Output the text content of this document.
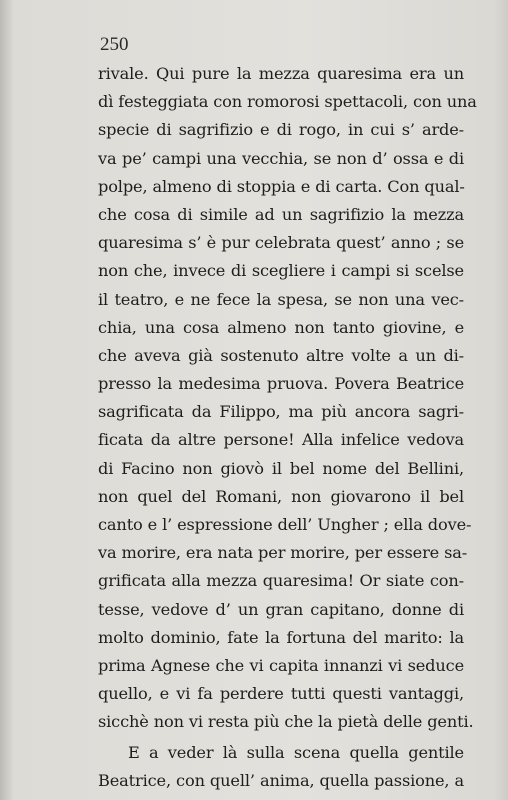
250
rivale. Qui pure la mezza quaresima era un
dì festeggiata con romorosi spettacoli, con una
specie di sagrifizio e di rogo, in cui s’ arde-
va pe’ campi una vecchia, se non d’ ossa e di
polpe, almeno di stoppia e di carta. Con qual-
che cosa di simile ad un sagrifizio la mezza
quaresima s’ è pur celebrata quest’ anno ; se
non che, invece di scegliere i campi si scelse
il teatro, e ne fece la spesa, se non una vec-
chia, una cosa almeno non tanto giovine, e
che aveva già sostenuto altre volte a un di-
presso la medesima pruova. Povera Beatrice
sagrificata da Filippo, ma più ancora sagri-
ficata da altre persone! Alla infelice vedova
di Facino non giovò il bel nome del Bellini,
non quel del Romani, non giovarono il bel
canto e l’ espressione dell’ Ungher ; ella dove-
va morire, era nata per morire, per essere sa-
grificata alla mezza quaresima! Or siate con-
tesse, vedove d’ un gran capitano, donne di
molto dominio, fate la fortuna del marito: la
prima Agnese che vi capita innanzi vi seduce
quello, e vi fa perdere tutti questi vantaggi,
sicchè non vi resta più che la pietà delle genti.
E a veder là sulla scena quella gentile
Beatrice, con quell’ anima, quella passione, a
